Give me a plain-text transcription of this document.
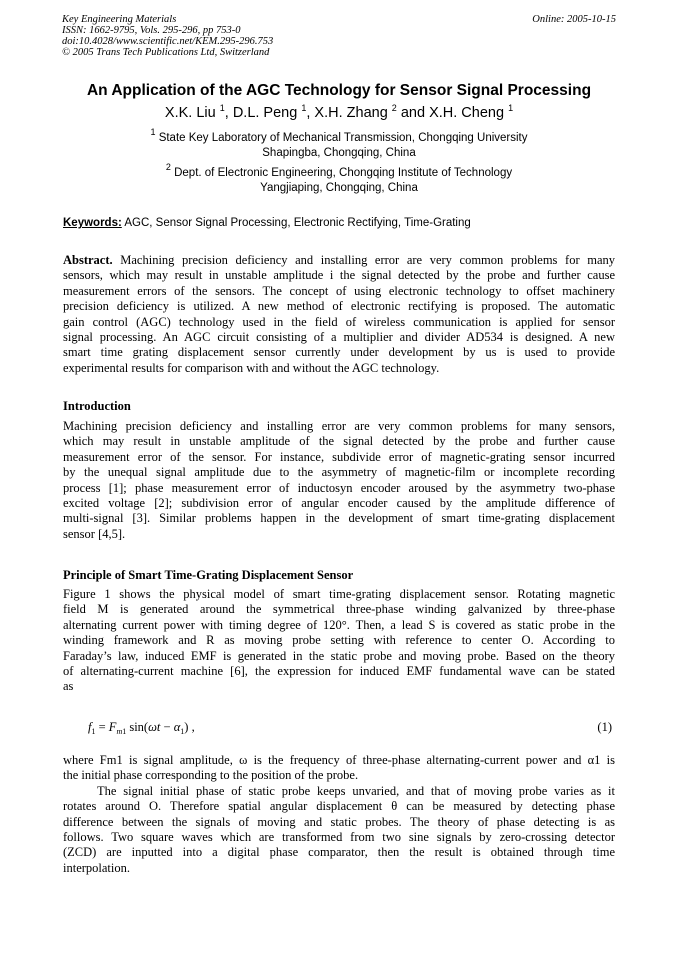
Key Engineering Materials
ISSN: 1662-9795, Vols. 295-296, pp 753-0
doi:10.4028/www.scientific.net/KEM.295-296.753
© 2005 Trans Tech Publications Ltd, Switzerland
Online: 2005-10-15
An Application of the AGC Technology for Sensor Signal Processing
X.K. Liu $^1$, D.L. Peng $^1$, X.H. Zhang $^2$ and X.H. Cheng $^1$
$^1$ State Key Laboratory of Mechanical Transmission, Chongqing University
Shapingba, Chongqing, China
$^2$ Dept. of Electronic Engineering, Chongqing Institute of Technology
Yangjiaping, Chongqing, China
Keywords: AGC, Sensor Signal Processing, Electronic Rectifying, Time-Grating
Abstract. Machining precision deficiency and installing error are very common problems for many
sensors, which may result in unstable amplitude i the signal detected by the probe and further cause
measurement errors of the sensors. The concept of using electronic technology to offset machinery
precision deficiency is utilized. A new method of electronic rectifying is proposed. The automatic
gain control (AGC) technology used in the field of wireless communication is applied for sensor
signal processing. An AGC circuit consisting of a multiplier and divider AD534 is designed. A new
smart time grating displacement sensor currently under development by us is used to provide
experimental results for comparison with and without the AGC technology.
Introduction
Machining precision deficiency and installing error are very common problems for many sensors,
which may result in unstable amplitude of the signal detected by the probe and further cause
measurement error of the sensor. For instance, subdivide error of magnetic-grating sensor incurred
by the unequal signal amplitude due to the asymmetry of magnetic-film or incomplete recording
process [1]; phase measurement error of inductosyn encoder aroused by the asymmetry two-phase
excited voltage [2]; subdivision error of angular encoder caused by the amplitude difference of
multi-signal [3]. Similar problems happen in the development of smart time-grating displacement
sensor [4,5].
Principle of Smart Time-Grating Displacement Sensor
Figure 1 shows the physical model of smart time-grating displacement sensor. Rotating magnetic
field M is generated around the symmetrical three-phase winding galvanized by three-phase
alternating current power with timing degree of 120°. Then, a lead S is covered as static probe in the
winding framework and R as moving probe setting with reference to center O. According to
Faraday’s law, induced EMF is generated in the static probe and moving probe. Based on the theory
of alternating-current machine [6], the expression for induced EMF fundamental wave can be stated
as
$f_1 = F_{m1}$ $\sin(\omega t - \alpha_1)$ ,	(1)
where Fm1 is signal amplitude, ω is the frequency of three-phase alternating-current power and α1 is
the initial phase corresponding to the position of the probe.
The signal initial phase of static probe keeps unvaried, and that of moving probe varies as it
rotates around O. Therefore spatial angular displacement θ can be measured by detecting phase
difference between the signals of moving and static probes. The theory of phase detecting is as
follows. Two square waves which are transformed from two sine signals by zero-crossing detector
(ZCD) are inputted into a digital phase comparator, then the result is obtained through time
interpolation.
